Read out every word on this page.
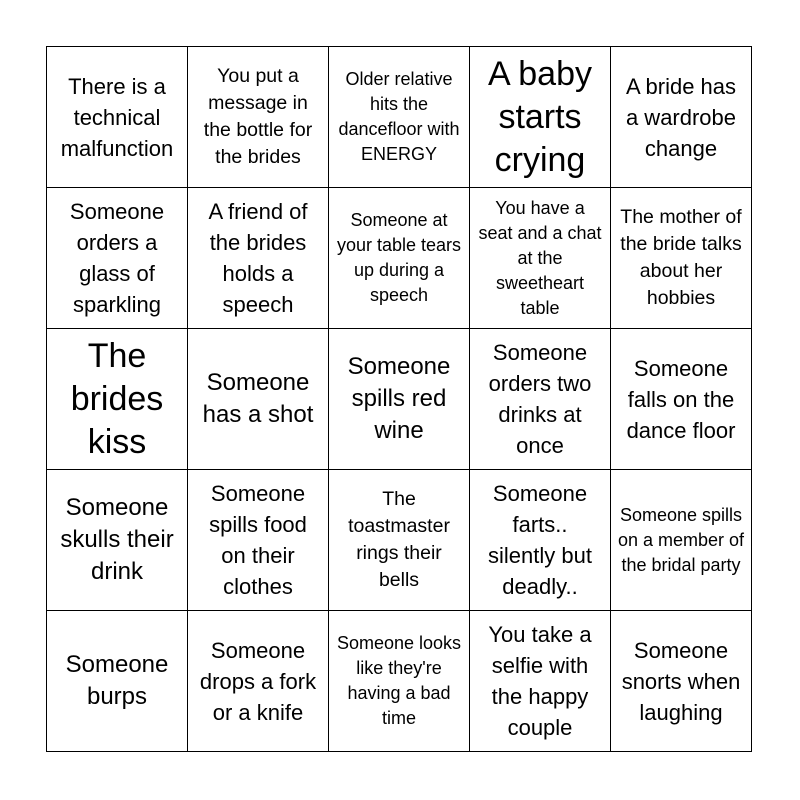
There is a technical malfunction
You put a message in the bottle for the brides
Older relative hits the dancefloor with ENERGY
A baby starts crying
A bride has a wardrobe change
Someone orders a glass of sparkling
A friend of the brides holds a speech
Someone at your table tears up during a speech
You have a seat and a chat at the sweetheart table
The mother of the bride talks about her hobbies
The brides kiss
Someone has a shot
Someone spills red wine
Someone orders two drinks at once
Someone falls on the dance floor
Someone skulls their drink
Someone spills food on their clothes
The toastmaster rings their bells
Someone farts.. silently but deadly..
Someone spills on a member of the bridal party
Someone burps
Someone drops a fork or a knife
Someone looks like they're having a bad time
You take a selfie with the happy couple
Someone snorts when laughing
